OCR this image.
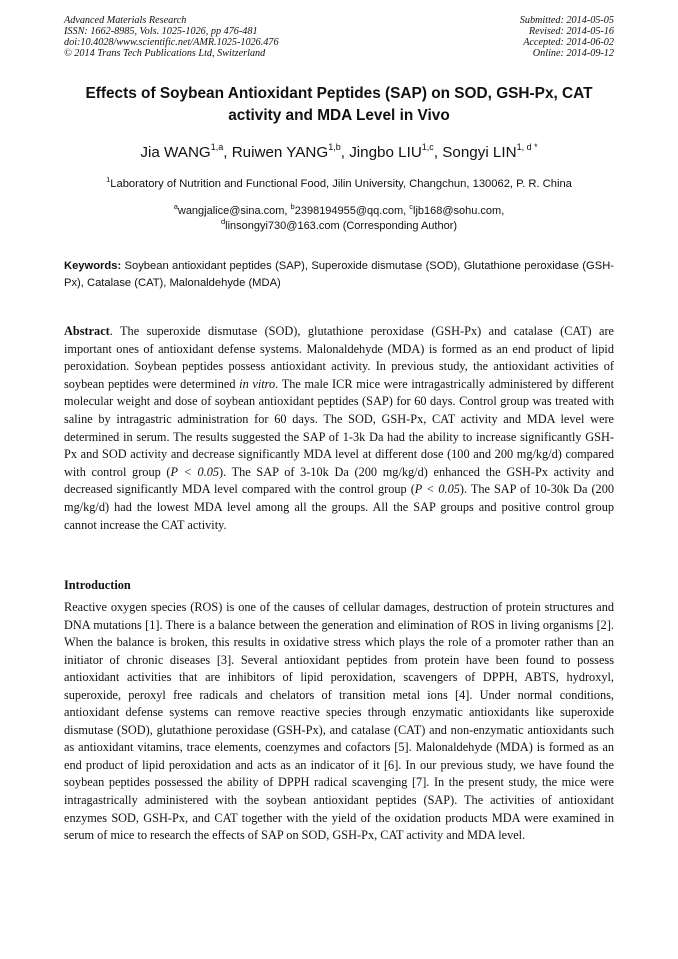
Advanced Materials Research
ISSN: 1662-8985, Vols. 1025-1026, pp 476-481
doi:10.4028/www.scientific.net/AMR.1025-1026.476
© 2014 Trans Tech Publications Ltd, Switzerland
Submitted: 2014-05-05
Revised: 2014-05-16
Accepted: 2014-06-02
Online: 2014-09-12
Effects of Soybean Antioxidant Peptides (SAP) on SOD, GSH-Px, CAT
activity and MDA Level in Vivo
Jia WANG$^{1,a}$, Ruiwen YANG$^{1,b}$, Jingbo LIU$^{1,c}$, Songyi $LIN^{1, d *}$
$^1$Laboratory of Nutrition and Functional Food, Jilin University, Changchun, 130062, P. R. China
$^a$wangjalice@sina.com, $^b$2398194955@qq.com, $^c$ljb168@sohu.com,
$^d$linsongyi730@163.com (Corresponding Author)
Keywords: Soybean antioxidant peptides (SAP), Superoxide dismutase (SOD), Glutathione peroxidase (GSH-Px), Catalase (CAT), Malonaldehyde (MDA)
Abstract. The superoxide dismutase (SOD), glutathione peroxidase (GSH-Px) and catalase (CAT) are important ones of antioxidant defense systems. Malonaldehyde (MDA) is formed as an end product of lipid peroxidation. Soybean peptides possess antioxidant activity. In previous study, the antioxidant activities of soybean peptides were determined in vitro. The male ICR mice were intragastrically administered by different molecular weight and dose of soybean antioxidant peptides (SAP) for 60 days. Control group was treated with saline by intragastric administration for 60 days. The SOD, GSH-Px, CAT activity and MDA level were determined in serum. The results suggested the SAP of 1-3k Da had the ability to increase significantly GSH-Px and SOD activity and decrease significantly MDA level at different dose (100 and 200 mg/kg/d) compared with control group (P < 0.05). The SAP of 3-10k Da (200 mg/kg/d) enhanced the GSH-Px activity and decreased significantly MDA level compared with the control group (P < 0.05). The SAP of 10-30k Da (200 mg/kg/d) had the lowest MDA level among all the groups. All the SAP groups and positive control group cannot increase the CAT activity.
Introduction
Reactive oxygen species (ROS) is one of the causes of cellular damages, destruction of protein structures and DNA mutations [1]. There is a balance between the generation and elimination of ROS in living organisms [2]. When the balance is broken, this results in oxidative stress which plays the role of a promoter rather than an initiator of chronic diseases [3]. Several antioxidant peptides from protein have been found to possess antioxidant activities that are inhibitors of lipid peroxidation, scavengers of DPPH, ABTS, hydroxyl, superoxide, peroxyl free radicals and chelators of transition metal ions [4]. Under normal conditions, antioxidant defense systems can remove reactive species through enzymatic antioxidants like superoxide dismutase (SOD), glutathione peroxidase (GSH-Px), and catalase (CAT) and non-enzymatic antioxidants such as antioxidant vitamins, trace elements, coenzymes and cofactors [5]. Malonaldehyde (MDA) is formed as an end product of lipid peroxidation and acts as an indicator of it [6]. In our previous study, we have found the soybean peptides possessed the ability of DPPH radical scavenging [7]. In the present study, the mice were intragastrically administered with the soybean antioxidant peptides (SAP). The activities of antioxidant enzymes SOD, GSH-Px, and CAT together with the yield of the oxidation products MDA were examined in serum of mice to research the effects of SAP on SOD, GSH-Px, CAT activity and MDA level.
